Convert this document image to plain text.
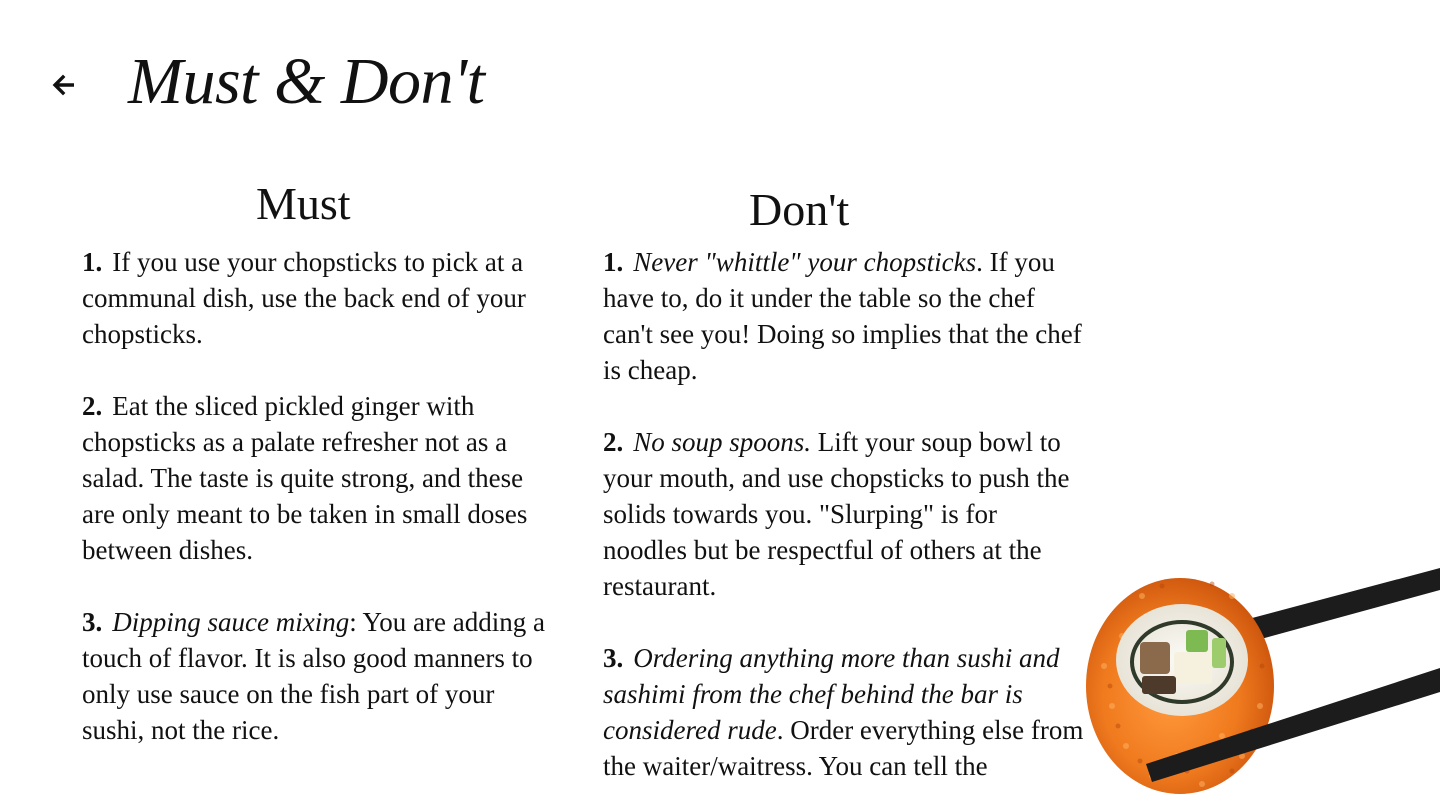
Must & Don't
Must	Don't

1. If you use your chopsticks to pick at a communal dish, use the back end of your chopsticks.

2. Eat the sliced pickled ginger with chopsticks as a palate refresher not as a salad. The taste is quite strong, and these are only meant to be taken in small doses between dishes.

3. Dipping sauce mixing: You are adding a touch of flavor. It is also good manners to only use sauce on the fish part of your sushi, not the rice.

1. Never "whittle" your chopsticks. If you have to, do it under the table so the chef can't see you! Doing so implies that the chef is cheap.

2. No soup spoons. Lift your soup bowl to your mouth, and use chopsticks to push the solids towards you. "Slurping" is for noodles but be respectful of others at the restaurant.

3. Ordering anything more than sushi and sashimi from the chef behind the bar is considered rude. Order everything else from the waiter/waitress. You can tell the
